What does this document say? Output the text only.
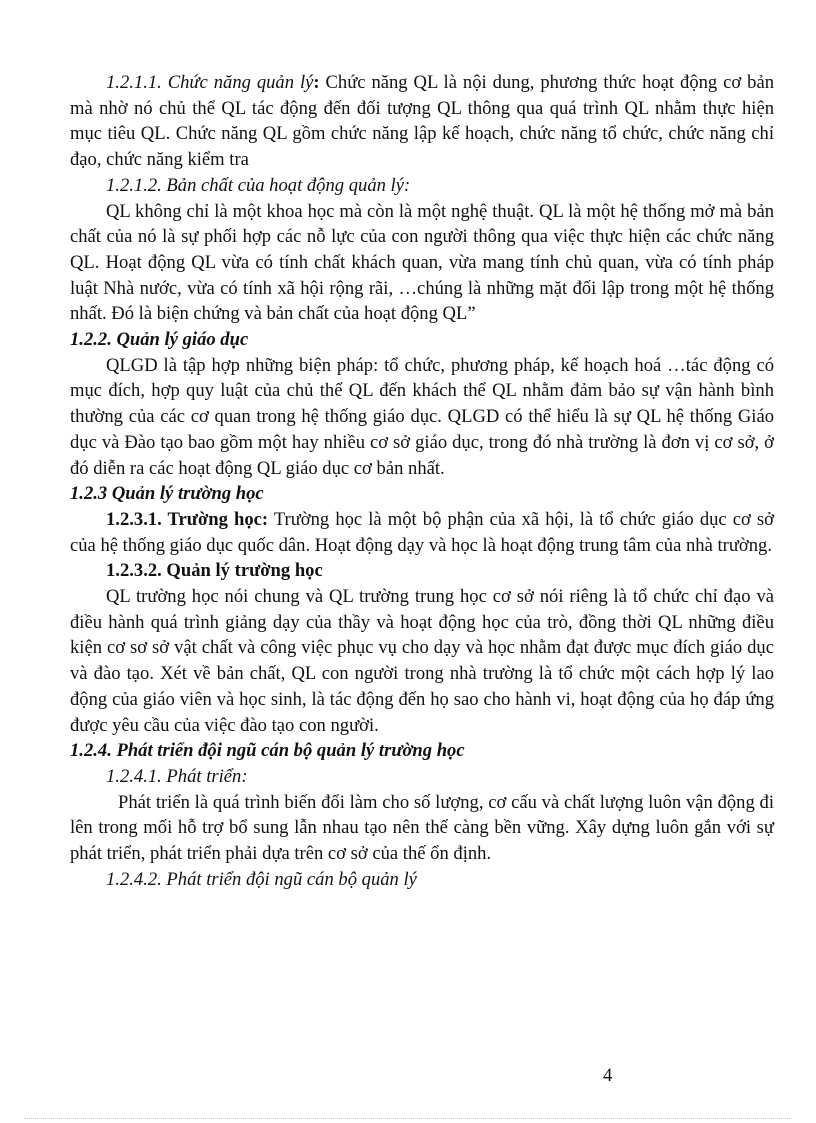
1.2.1.1. Chức năng quản lý: Chức năng QL là nội dung, phương thức hoạt động cơ bản mà nhờ nó chủ thể QL tác động đến đối tượng QL thông qua quá trình QL nhằm thực hiện mục tiêu QL. Chức năng QL gồm chức năng lập kế hoạch, chức năng tổ chức, chức năng chỉ đạo, chức năng kiểm tra

1.2.1.2. Bản chất của hoạt động quản lý:

QL không chỉ là một khoa học mà còn là một nghệ thuật. QL là một hệ thống mở mà bản chất của nó là sự phối hợp các nỗ lực của con người thông qua việc thực hiện các chức năng QL. Hoạt động QL vừa có tính chất khách quan, vừa mang tính chủ quan, vừa có tính pháp luật Nhà nước, vừa có tính xã hội rộng rãi, …chúng là những mặt đối lập trong một hệ thống nhất. Đó là biện chứng và bản chất của hoạt động QL”

1.2.2. Quản lý giáo dục

QLGD là tập hợp những biện pháp: tổ chức, phương pháp, kế hoạch hoá …tác động có mục đích, hợp quy luật của chủ thể QL đến khách thể QL nhằm đảm bảo sự vận hành bình thường của các cơ quan trong hệ thống giáo dục. QLGD có thể hiểu là sự QL hệ thống Giáo dục và Đào tạo bao gồm một hay nhiều cơ sở giáo dục, trong đó nhà trường là đơn vị cơ sở, ở đó diễn ra các hoạt động QL giáo dục cơ bản nhất.

1.2.3 Quản lý trường học

1.2.3.1. Trường học: Trường học là một bộ phận của xã hội, là tổ chức giáo dục cơ sở của hệ thống giáo dục quốc dân. Hoạt động dạy và học là hoạt động trung tâm của nhà trường.

1.2.3.2. Quản lý trường học

QL trường học nói chung và QL trường trung học cơ sở nói riêng là tổ chức chỉ đạo và điều hành quá trình giảng dạy của thầy và hoạt động học của trò, đồng thời QL những điều kiện cơ sơ sở vật chất và công việc phục vụ cho dạy và học nhằm đạt được mục đích giáo dục và đào tạo. Xét về bản chất, QL con người trong nhà trường là tổ chức một cách hợp lý lao động của giáo viên và học sinh, là tác động đến họ sao cho hành vi, hoạt động của họ đáp ứng được yêu cầu của việc đào tạo con người.

1.2.4. Phát triển đội ngũ cán bộ quản lý trường học

1.2.4.1. Phát triển:

Phát triển là quá trình biến đổi làm cho số lượng, cơ cấu và chất lượng luôn vận động đi lên trong mối hỗ trợ bổ sung lẫn nhau tạo nên thế càng bền vững. Xây dựng luôn gắn với sự phát triển, phát triển phải dựa trên cơ sở của thế ổn định.

1.2.4.2. Phát triển đội ngũ cán bộ quản lý

4
